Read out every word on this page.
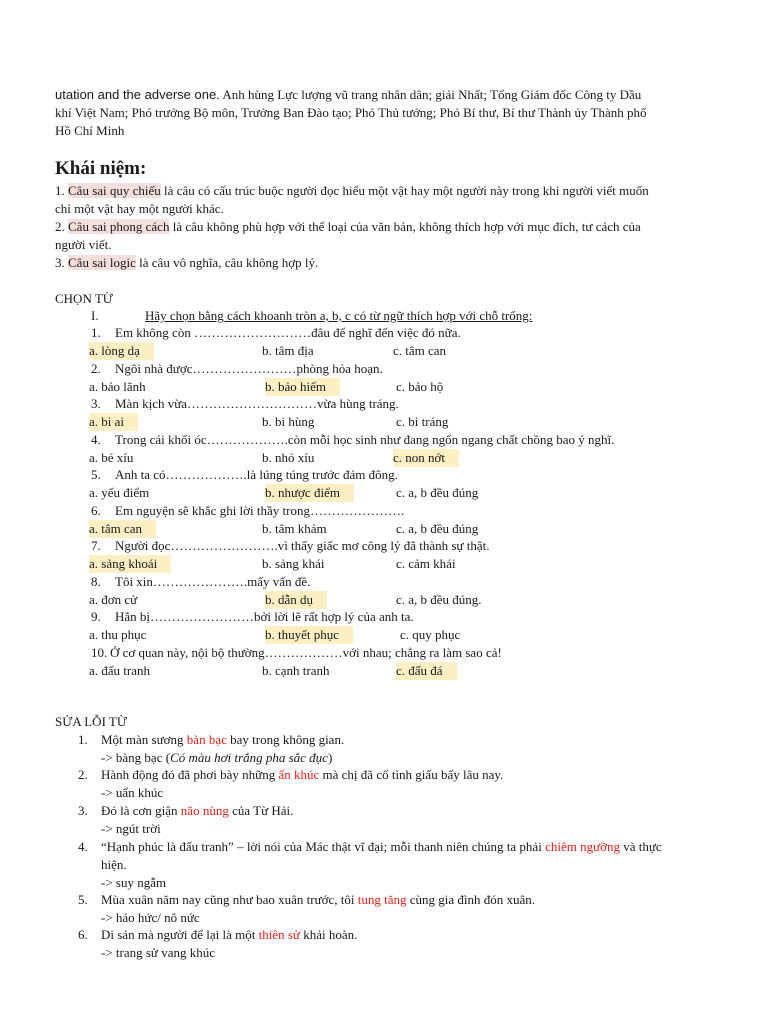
utation and the adverse one. Anh hùng Lực lượng vũ trang nhân dân; giải Nhất; Tổng Giám đốc Công ty Dầu
khí Việt Nam; Phó trưởng Bộ môn, Trưởng Ban Đào tạo; Phó Thủ tướng; Phó Bí thư, Bí thư Thành ủy Thành phố
Hồ Chí Minh
Khái niệm:
1. Câu sai quy chiếu là câu có cấu trúc buộc người đọc hiểu một vật hay một người này trong khi người viết muốn
chỉ một vật hay một người khác.
2. Câu sai phong cách là câu không phù hợp với thể loại của văn bản, không thích hợp với mục đích, tư cách của
người viết.
3. Câu sai logic là câu vô nghĩa, câu không hợp lý.
CHỌN TỪ
I.	Hãy chọn bằng cách khoanh tròn a, b, c có từ ngữ thích hợp với chỗ trống:
1. Em không còn ………………………đâu để nghĩ đến việc đó nữa.
a. lòng dạ	b. tâm địa	c. tâm can
2. Ngôi nhà được……………………phòng hỏa hoạn.
a. bảo lãnh	b. bảo hiểm	c. bảo hộ
3. Màn kịch vừa…………………………vừa hùng tráng.
a. bi ai	b. bi hùng	c. bi tráng
4. Trong cái khối óc……………….còn mỗi học sinh như đang ngổn ngang chất chồng bao ý nghĩ.
a. bé xíu	b. nhỏ xíu	c. non nớt
5. Anh ta có……………….là lúng túng trước đám đông.
a. yếu điểm	b. nhược điểm	c. a, b đều đúng
6. Em nguyện sẽ khắc ghi lời thầy trong………………….
a. tâm can	b. tâm khảm	c. a, b đều đúng
7. Người đọc…………………….vì thấy giấc mơ công lý đã thành sự thật.
a. sảng khoái	b. sảng khái	c. cảm khái
8. Tôi xin………………….mấy vấn đề.
a. đơn cử	b. dẫn dụ	c. a, b đều đúng.
9. Hắn bị……………………bởi lời lẽ rất hợp lý của anh ta.
a. thu phục	b. thuyết phục	c. quy phục
10. Ở cơ quan này, nội bộ thường………………với nhau; chẳng ra làm sao cả!
a. đấu tranh	b. cạnh tranh	c. đấu đá
SỬA LỖI TỪ
1. Một màn sương bàn bạc bay trong không gian.
-> bàng bạc (Có màu hơi trắng pha sắc đục)
2. Hành động đó đã phơi bày những ẩn khúc mà chị đã cố tình giấu bấy lâu nay.
-> uẩn khúc
3. Đó là cơn giận não nùng của Từ Hải.
-> ngút trời
4. “Hạnh phúc là đấu tranh” – lời nói của Mác thật vĩ đại; mỗi thanh niên chúng ta phải chiêm ngưỡng và thực
hiện.
-> suy ngẫm
5. Mùa xuân năm nay cũng như bao xuân trước, tôi tung tăng cùng gia đình đón xuân.
-> háo hức/ nô nức
6. Di sản mà người để lại là một thiên sử khải hoàn.
-> trang sử vang khúc
